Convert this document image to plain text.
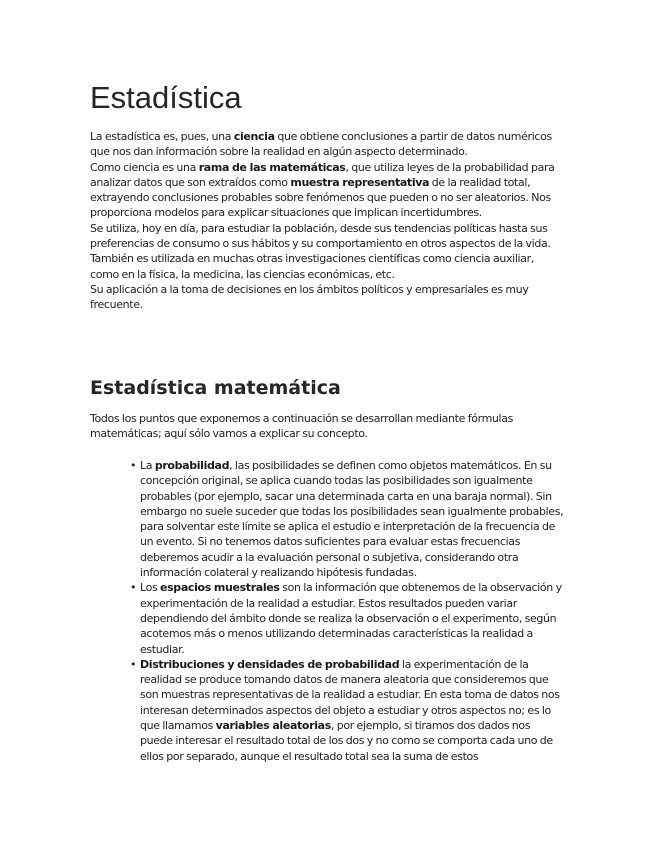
Estadística

La estadística es, pues, una ciencia que obtiene conclusiones a partir de datos numéricos que nos dan información sobre la realidad en algún aspecto determinado.

Como ciencia es una rama de las matemáticas, que utiliza leyes de la probabilidad para analizar datos que son extraídos como muestra representativa de la realidad total, extrayendo conclusiones probables sobre fenómenos que pueden o no ser aleatorios. Nos proporciona modelos para explicar situaciones que implican incertidumbres.

Se utiliza, hoy en día, para estudiar la población, desde sus tendencias políticas hasta sus preferencias de consumo o sus hábitos y su comportamiento en otros aspectos de la vida. También es utilizada en muchas otras investigaciones científicas como ciencia auxiliar, como en la física, la medicina, las ciencias económicas, etc.

Su aplicación a la toma de decisiones en los ámbitos políticos y empresariales es muy frecuente.

Estadística matemática

Todos los puntos que exponemos a continuación se desarrollan mediante fórmulas matemáticas; aquí sólo vamos a explicar su concepto.

• La probabilidad, las posibilidades se definen como objetos matemáticos. En su concepción original, se aplica cuando todas las posibilidades son igualmente probables (por ejemplo, sacar una determinada carta en una baraja normal). Sin embargo no suele suceder que todas los posibilidades sean igualmente probables, para solventar este límite se aplica el estudio e interpretación de la frecuencia de un evento. Si no tenemos datos suficientes para evaluar estas frecuencias deberemos acudir a la evaluación personal o subjetiva, considerando otra información colateral y realizando hipótesis fundadas.
• Los espacios muestrales son la información que obtenemos de la observación y experimentación de la realidad a estudiar. Estos resultados pueden variar dependiendo del ámbito donde se realiza la observación o el experimento, según acotemos más o menos utilizando determinadas características la realidad a estudiar.
• Distribuciones y densidades de probabilidad la experimentación de la realidad se produce tomando datos de manera aleatoria que consideremos que son muestras representativas de la realidad a estudiar. En esta toma de datos nos interesan determinados aspectos del objeto a estudiar y otros aspectos no; es lo que llamamos variables aleatorias, por ejemplo, si tiramos dos dados nos puede interesar el resultado total de los dos y no como se comporta cada uno de ellos por separado, aunque el resultado total sea la suma de estos
